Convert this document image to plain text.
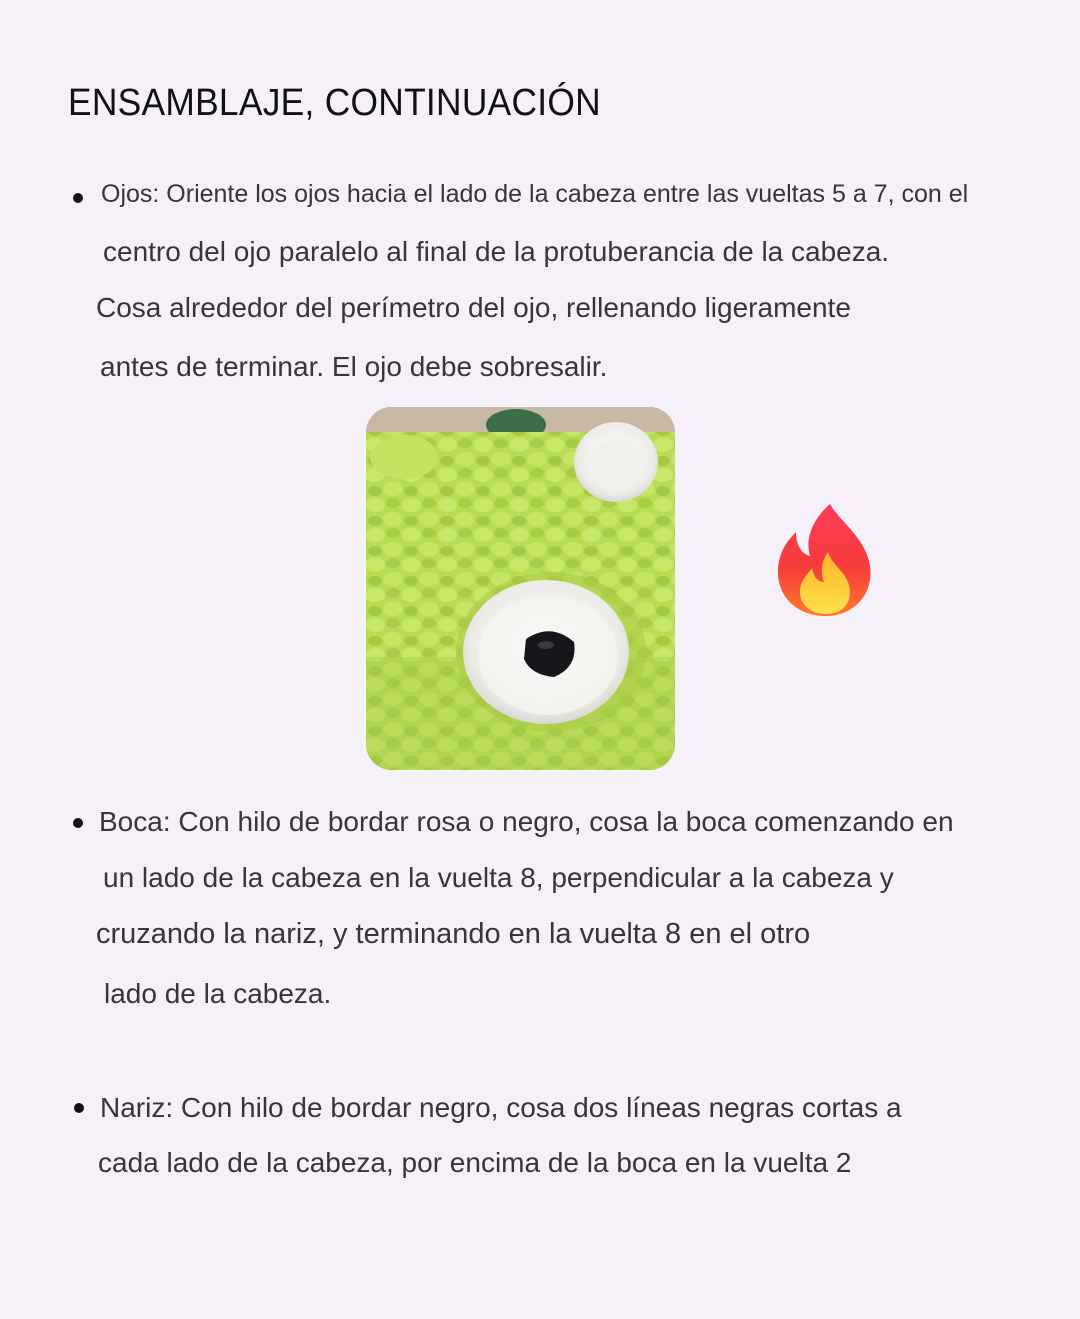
ENSAMBLAJE, CONTINUACIÓN
Ojos: Oriente los ojos hacia el lado de la cabeza entre las vueltas 5 a 7, con el
centro del ojo paralelo al final de la protuberancia de la cabeza.
Cosa alrededor del perímetro del ojo, rellenando ligeramente
antes de terminar. El ojo debe sobresalir.
Boca: Con hilo de bordar rosa o negro, cosa la boca comenzando en
un lado de la cabeza en la vuelta 8, perpendicular a la cabeza y
cruzando la nariz, y terminando en la vuelta 8 en el otro
lado de la cabeza.
Nariz: Con hilo de bordar negro, cosa dos líneas negras cortas a
cada lado de la cabeza, por encima de la boca en la vuelta 2
